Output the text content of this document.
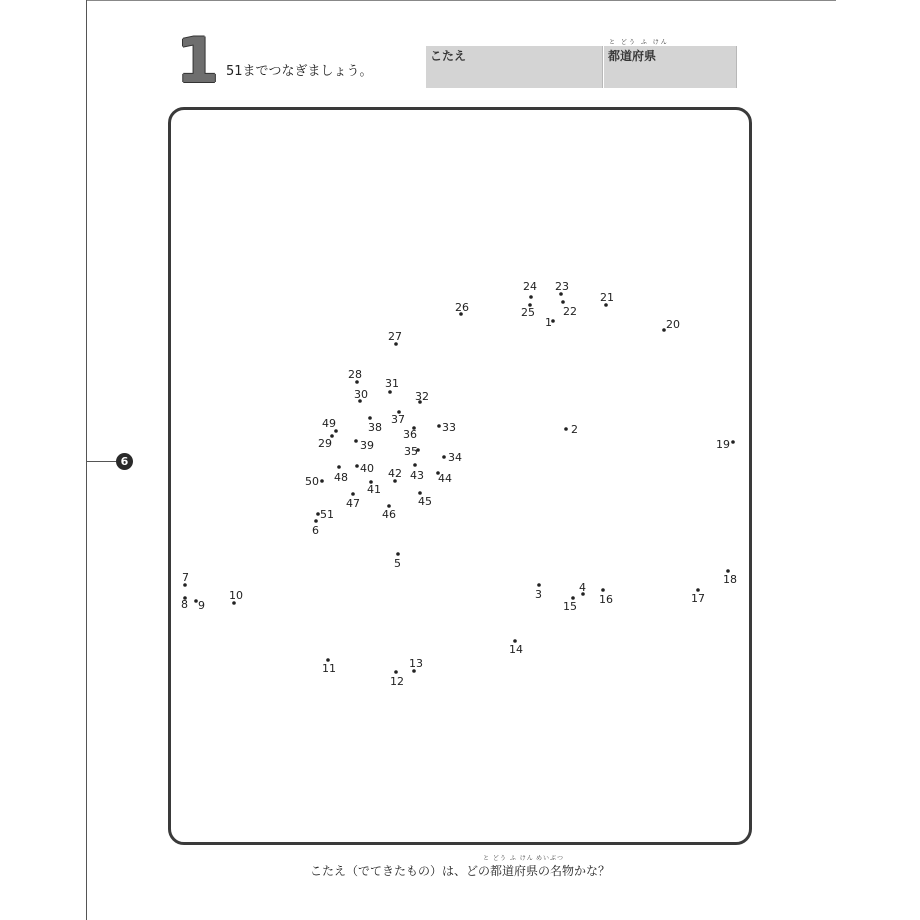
1 51までつなぎましょう。
こたえ
と どう ふ けん
都道府県
1
2
3
4
5
6
7
8 9
10
11
12
13
14
15
16	17
18
19
20
21
22
23
24
25
26
27
28
29
30
31
32
33
34
35
36
37
38
39
40
41
42 43 44
45
46
47
48
49
50
51
6
と どう ふ けん めいぶつ
こたえ（でてきたもの）は、どの都道府県の名物かな？
